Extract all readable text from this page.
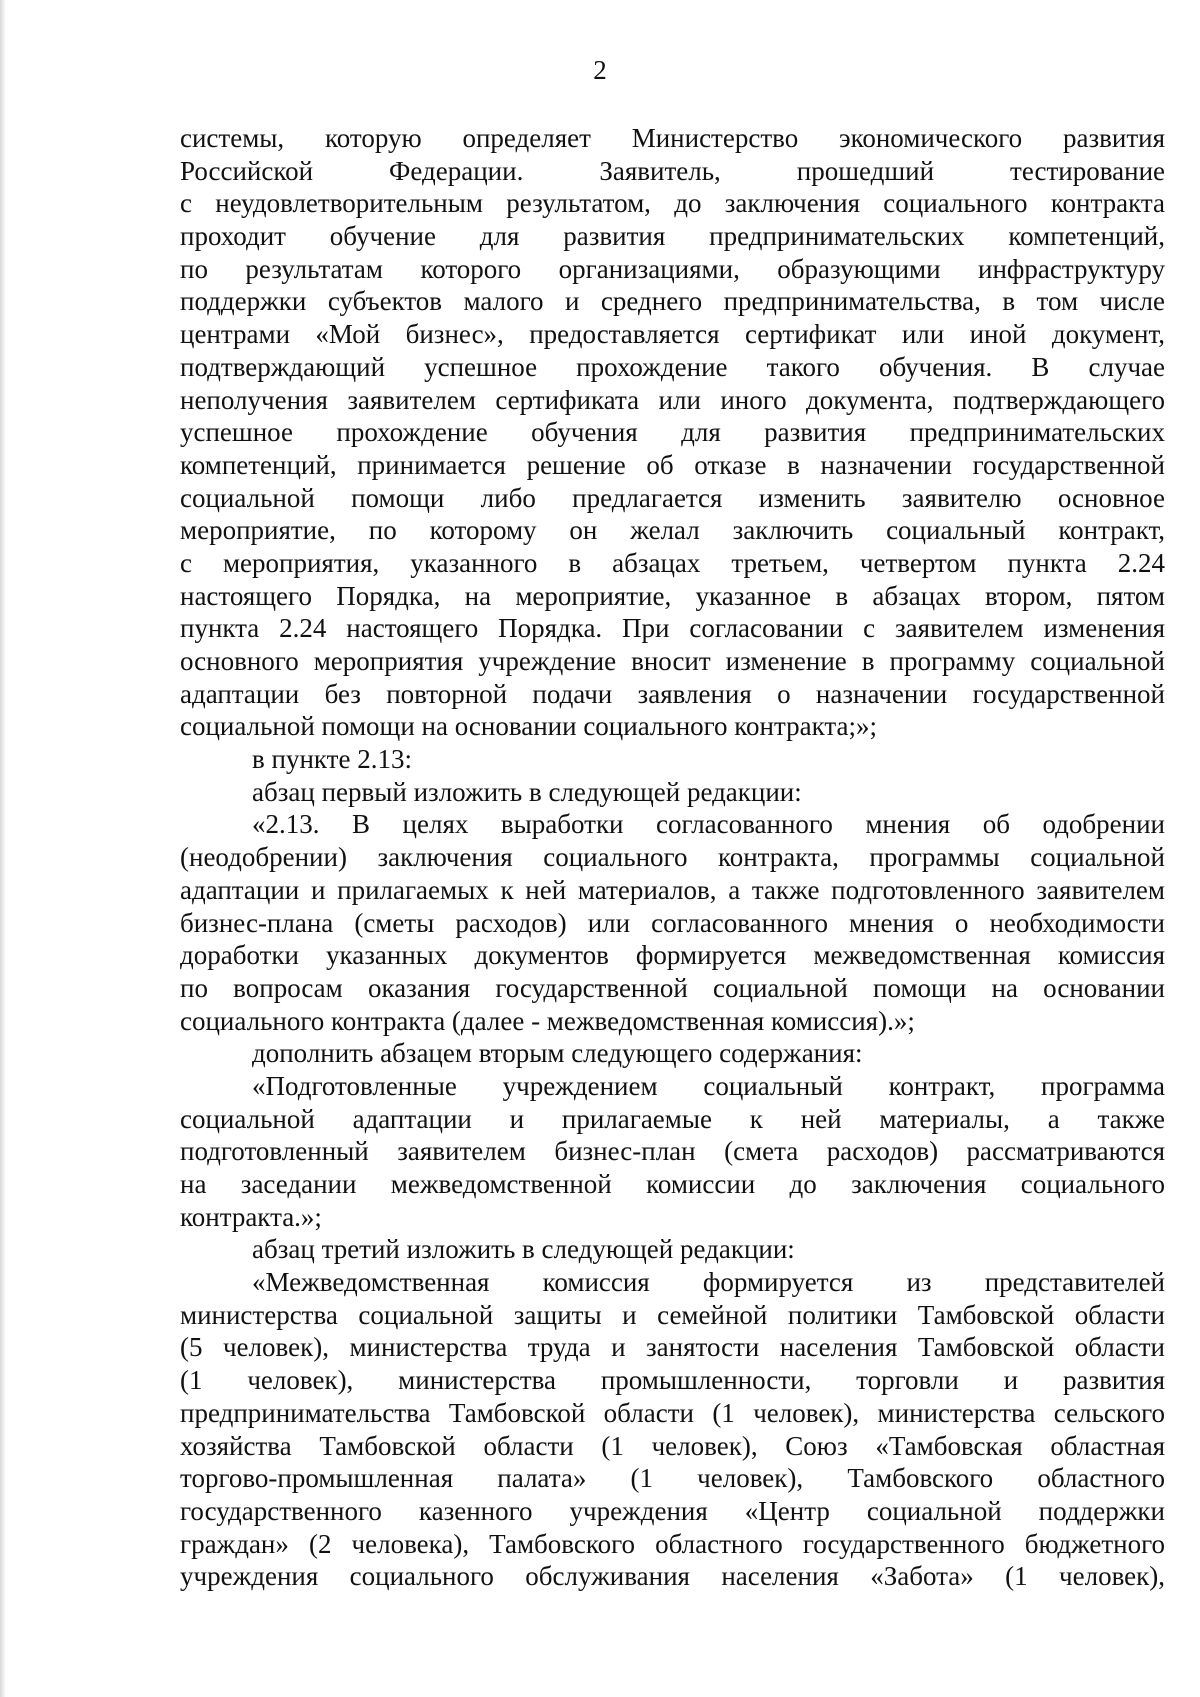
2
системы, которую определяет Министерство экономического развития
Российской Федерации. Заявитель, прошедший тестирование
с неудовлетворительным результатом, до заключения социального контракта
проходит обучение для развития предпринимательских компетенций,
по результатам которого организациями, образующими инфраструктуру
поддержки субъектов малого и среднего предпринимательства, в том числе
центрами «Мой бизнес», предоставляется сертификат или иной документ,
подтверждающий успешное прохождение такого обучения. В случае
неполучения заявителем сертификата или иного документа, подтверждающего
успешное прохождение обучения для развития предпринимательских
компетенций, принимается решение об отказе в назначении государственной
социальной помощи либо предлагается изменить заявителю основное
мероприятие, по которому он желал заключить социальный контракт,
с мероприятия, указанного в абзацах третьем, четвертом пункта 2.24
настоящего Порядка, на мероприятие, указанное в абзацах втором, пятом
пункта 2.24 настоящего Порядка. При согласовании с заявителем изменения
основного мероприятия учреждение вносит изменение в программу социальной
адаптации без повторной подачи заявления о назначении государственной
социальной помощи на основании социального контракта;»;
в пункте 2.13:
абзац первый изложить в следующей редакции:
«2.13. В целях выработки согласованного мнения об одобрении
(неодобрении) заключения социального контракта, программы социальной
адаптации и прилагаемых к ней материалов, а также подготовленного заявителем
бизнес-плана (сметы расходов) или согласованного мнения о необходимости
доработки указанных документов формируется межведомственная комиссия
по вопросам оказания государственной социальной помощи на основании
социального контракта (далее - межведомственная комиссия).»;
дополнить абзацем вторым следующего содержания:
«Подготовленные учреждением социальный контракт, программа
социальной адаптации и прилагаемые к ней материалы, а также
подготовленный заявителем бизнес-план (смета расходов) рассматриваются
на заседании межведомственной комиссии до заключения социального
контракта.»;
абзац третий изложить в следующей редакции:
«Межведомственная комиссия формируется из представителей
министерства социальной защиты и семейной политики Тамбовской области
(5 человек), министерства труда и занятости населения Тамбовской области
(1 человек), министерства промышленности, торговли и развития
предпринимательства Тамбовской области (1 человек), министерства сельского
хозяйства Тамбовской области (1 человек), Союз «Тамбовская областная
торгово-промышленная палата» (1 человек), Тамбовского областного
государственного казенного учреждения «Центр социальной поддержки
граждан» (2 человека), Тамбовского областного государственного бюджетного
учреждения социального обслуживания населения «Забота» (1 человек),
